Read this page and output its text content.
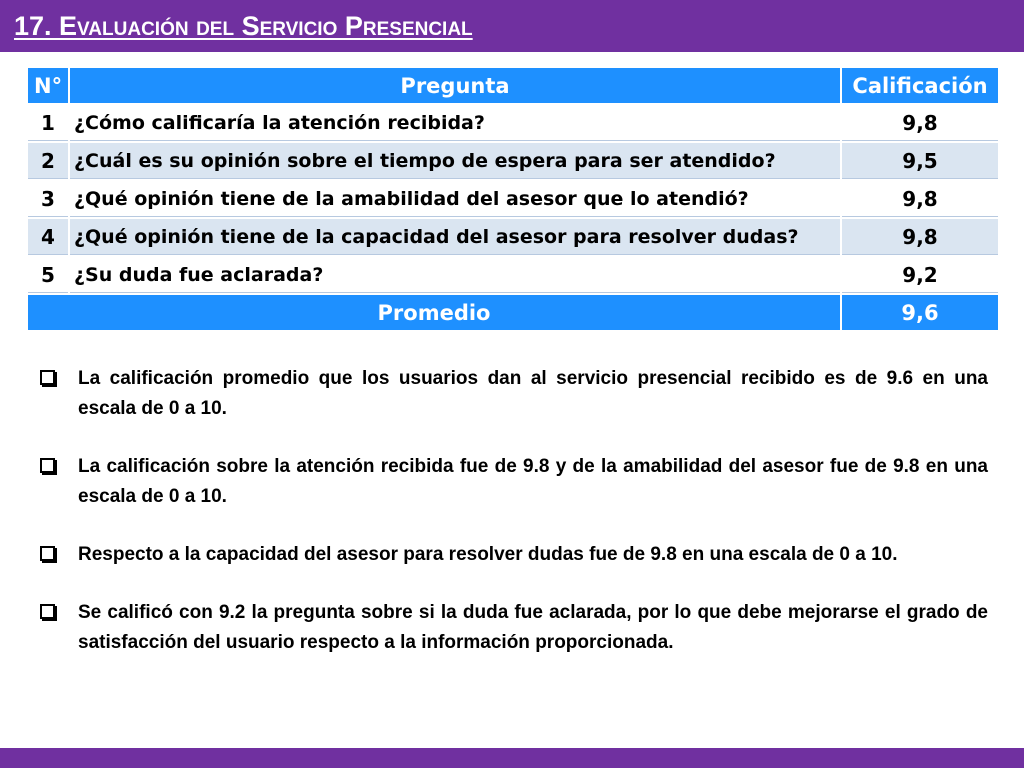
17. Evaluación del Servicio Presencial
N°	Pregunta	Calificación
1	¿Cómo calificaría la atención recibida?	9,8
2	¿Cuál es su opinión sobre el tiempo de espera para ser atendido?	9,5
3	¿Qué opinión tiene de la amabilidad del asesor que lo atendió?	9,8
4	¿Qué opinión tiene de la capacidad del asesor para resolver dudas?	9,8
5	¿Su duda fue aclarada?	9,2
Promedio		9,6
La calificación promedio que los usuarios dan al servicio presencial recibido es de 9.6 en una escala de 0 a 10.
La calificación sobre la atención recibida fue de 9.8 y de la amabilidad del asesor fue de 9.8 en una escala de 0 a 10.
Respecto a la capacidad del asesor para resolver dudas fue de 9.8 en una escala de 0 a 10.
Se calificó con 9.2 la pregunta sobre si la duda fue aclarada, por lo que debe mejorarse el grado de satisfacción del usuario respecto a la información proporcionada.
